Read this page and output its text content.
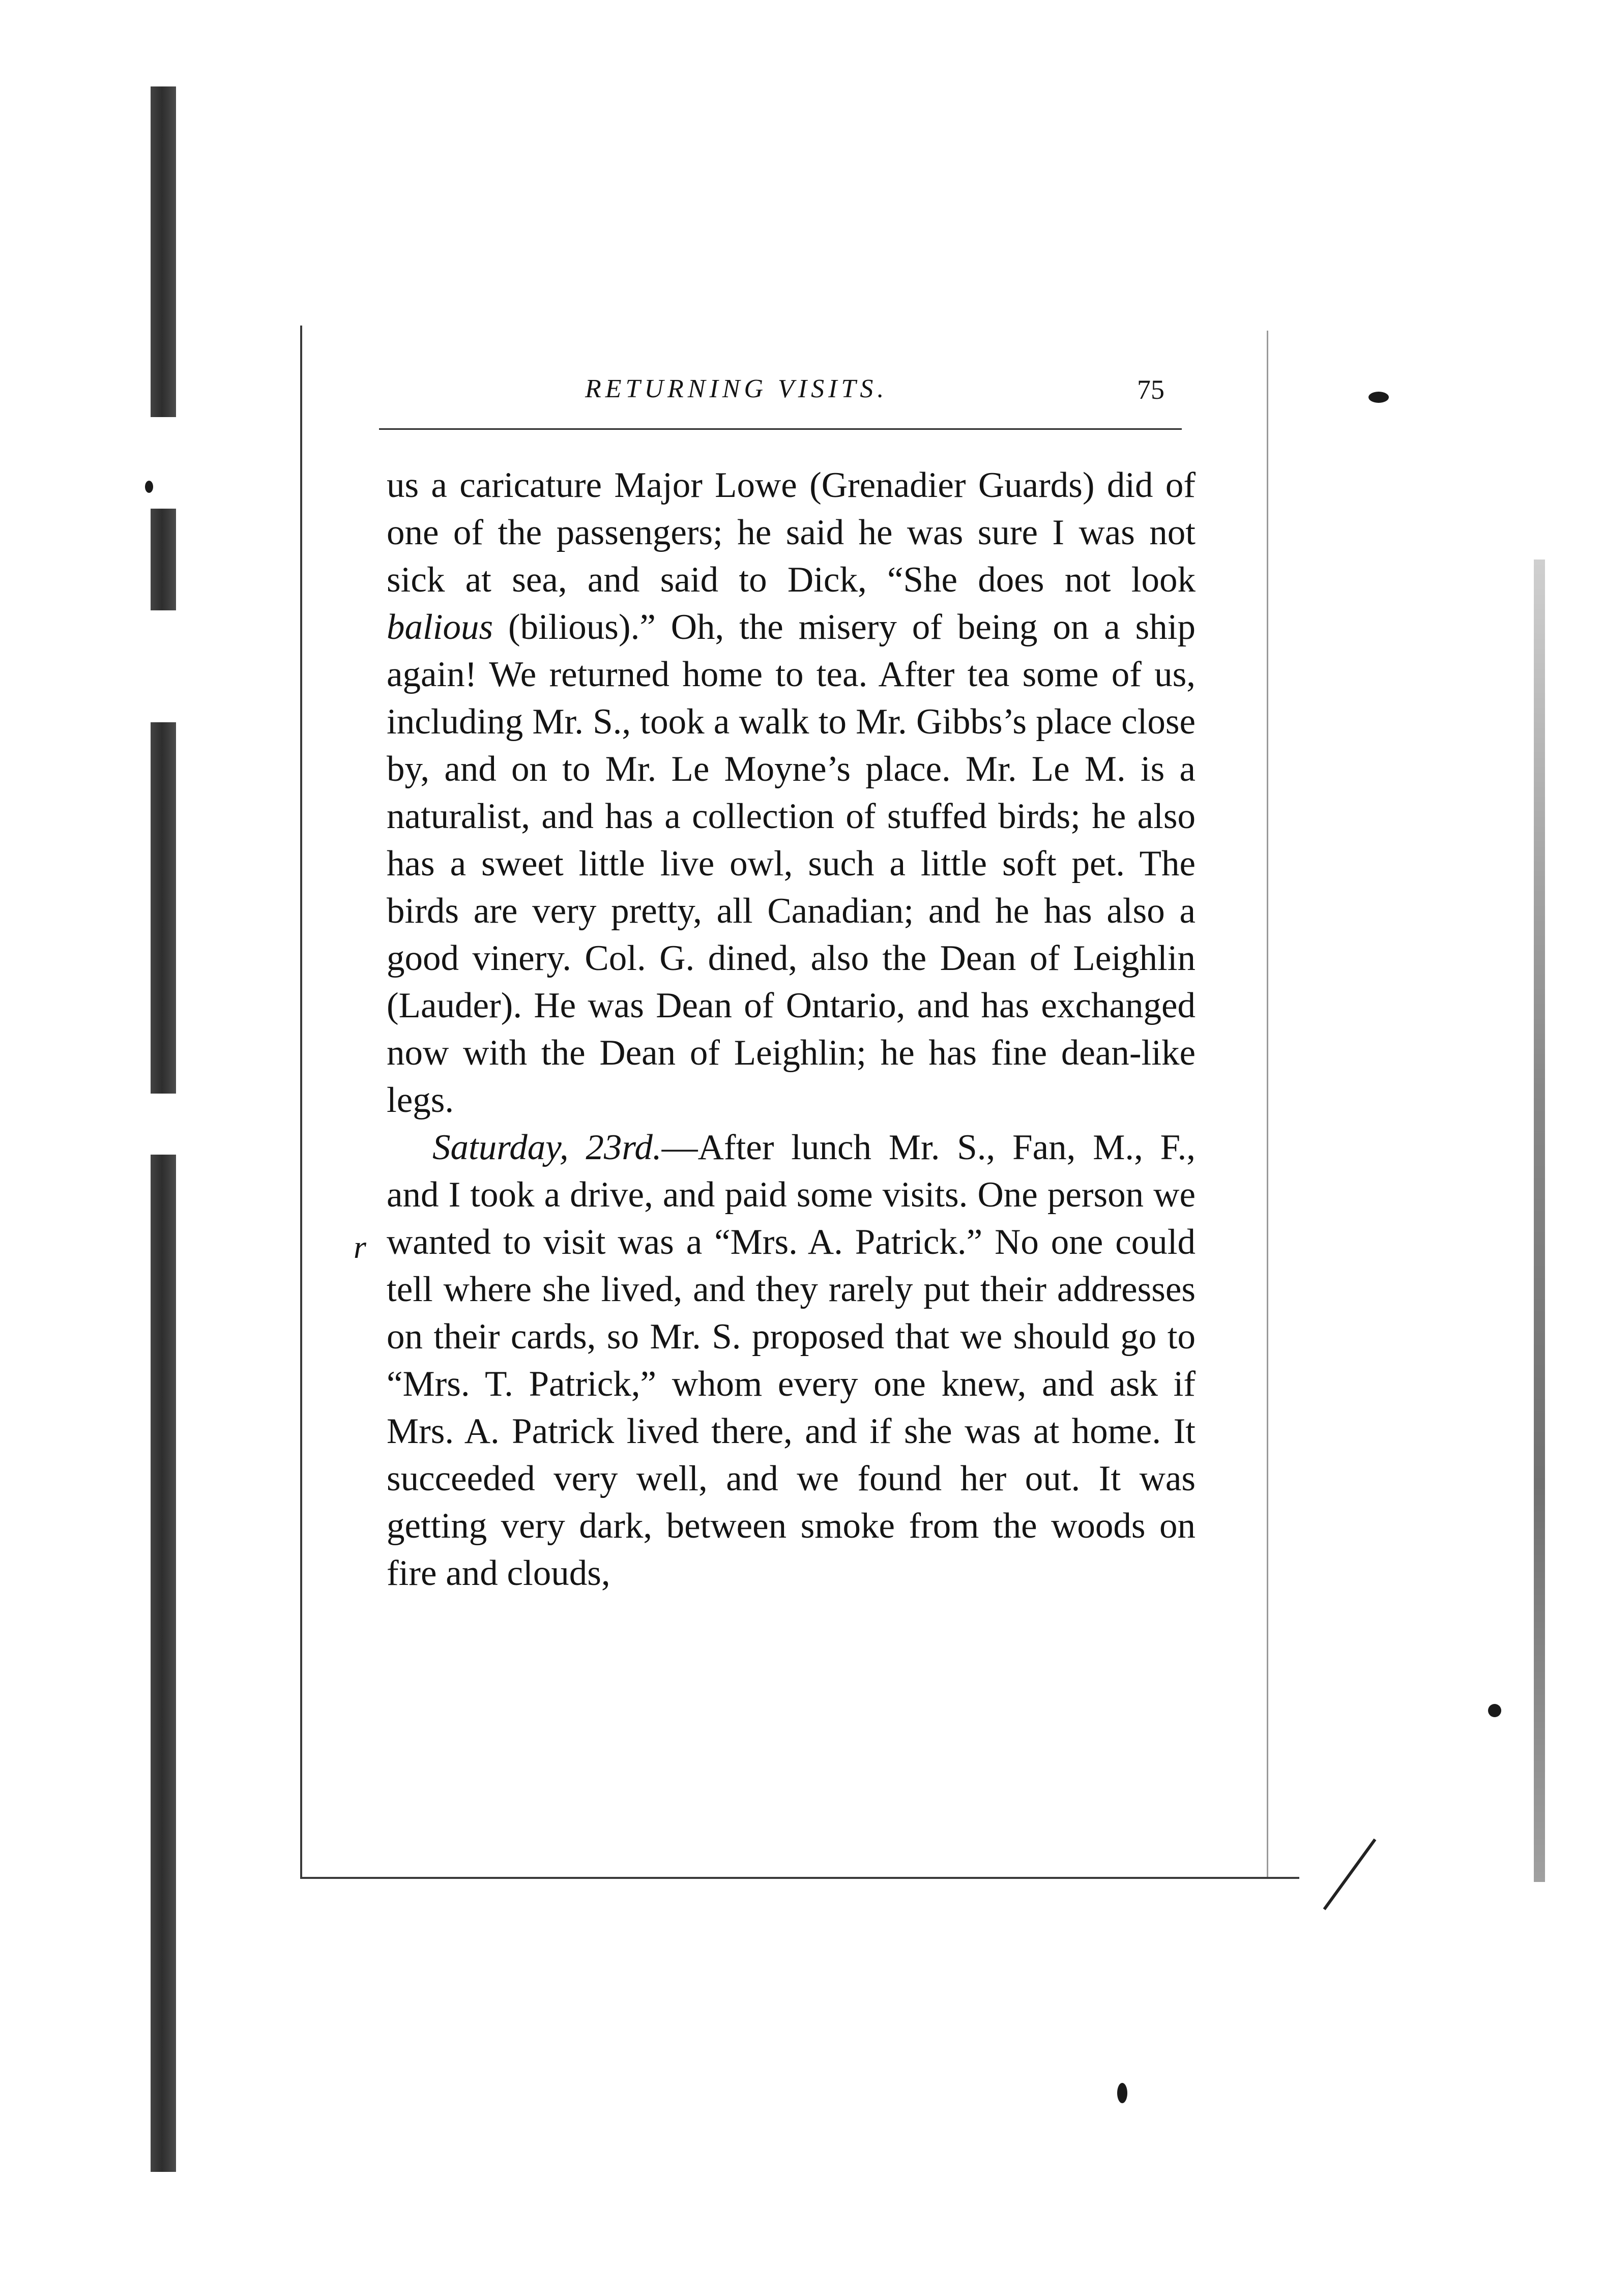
RETURNING VISITS.	75

us a caricature Major Lowe (Grenadier Guards) did of one of the passengers; he said he was sure I was not sick at sea, and said to Dick, “She does not look balious (bilious).” Oh, the misery of being on a ship again! We returned home to tea. After tea some of us, including Mr. S., took a walk to Mr. Gibbs’s place close by, and on to Mr. Le Moyne’s place. Mr. Le M. is a naturalist, and has a collection of stuffed birds; he also has a sweet little live owl, such a little soft pet. The birds are very pretty, all Canadian; and he has also a good vinery. Col. G. dined, also the Dean of Leighlin (Lauder). He was Dean of Ontario, and has exchanged now with the Dean of Leighlin; he has fine dean-like legs.

Saturday, 23rd.—After lunch Mr. S., Fan, M., F., and I took a drive, and paid some visits. One person we wanted to visit was a “Mrs. A. Patrick.” No one could tell where she lived, and they rarely put their addresses on their cards, so Mr. S. proposed that we should go to “Mrs. T. Patrick,” whom every one knew, and ask if Mrs. A. Patrick lived there, and if she was at home. It succeeded very well, and we found her out. It was getting very dark, between smoke from the woods on fire and clouds,

r
